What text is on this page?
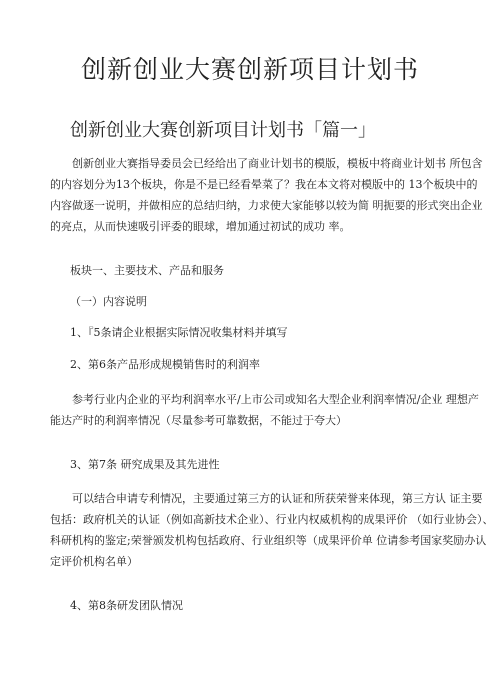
创新创业大赛创新项目计划书
创新创业大赛创新项目计划书「篇一」

创新创业大赛指导委员会已经给出了商业计划书的模版，模板中将商业计划书 所包含
的内容划分为13个板块，你是不是已经看晕菜了？我在本文将对模版中的 13个板块中的
内容做逐一说明，并做相应的总结归纳，力求使大家能够以较为简 明扼要的形式突出企业
的亮点，从而快速吸引评委的眼球，增加通过初试的成功 率。

板块一、主要技术、产品和服务

（一）内容说明

1、『5条请企业根据实际情况收集材料并填写

2、第6条产品形成规模销售时的利润率

参考行业内企业的平均利润率水平/上市公司或知名大型企业利润率情况/企业 理想产
能达产时的利润率情况（尽量参考可靠数据，不能过于夸大）

3、第7条 研究成果及其先进性

可以结合申请专利情况，主要通过第三方的认证和所获荣誉来体现，第三方认 证主要
包括：政府机关的认证（例如高新技术企业）、行业内权威机构的成果评价 （如行业协会）、
科研机构的鉴定;荣誉颁发机构包括政府、行业组织等（成果评价单 位请参考国家奖励办认
定评价机构名单）

4、第8条研发团队情况
